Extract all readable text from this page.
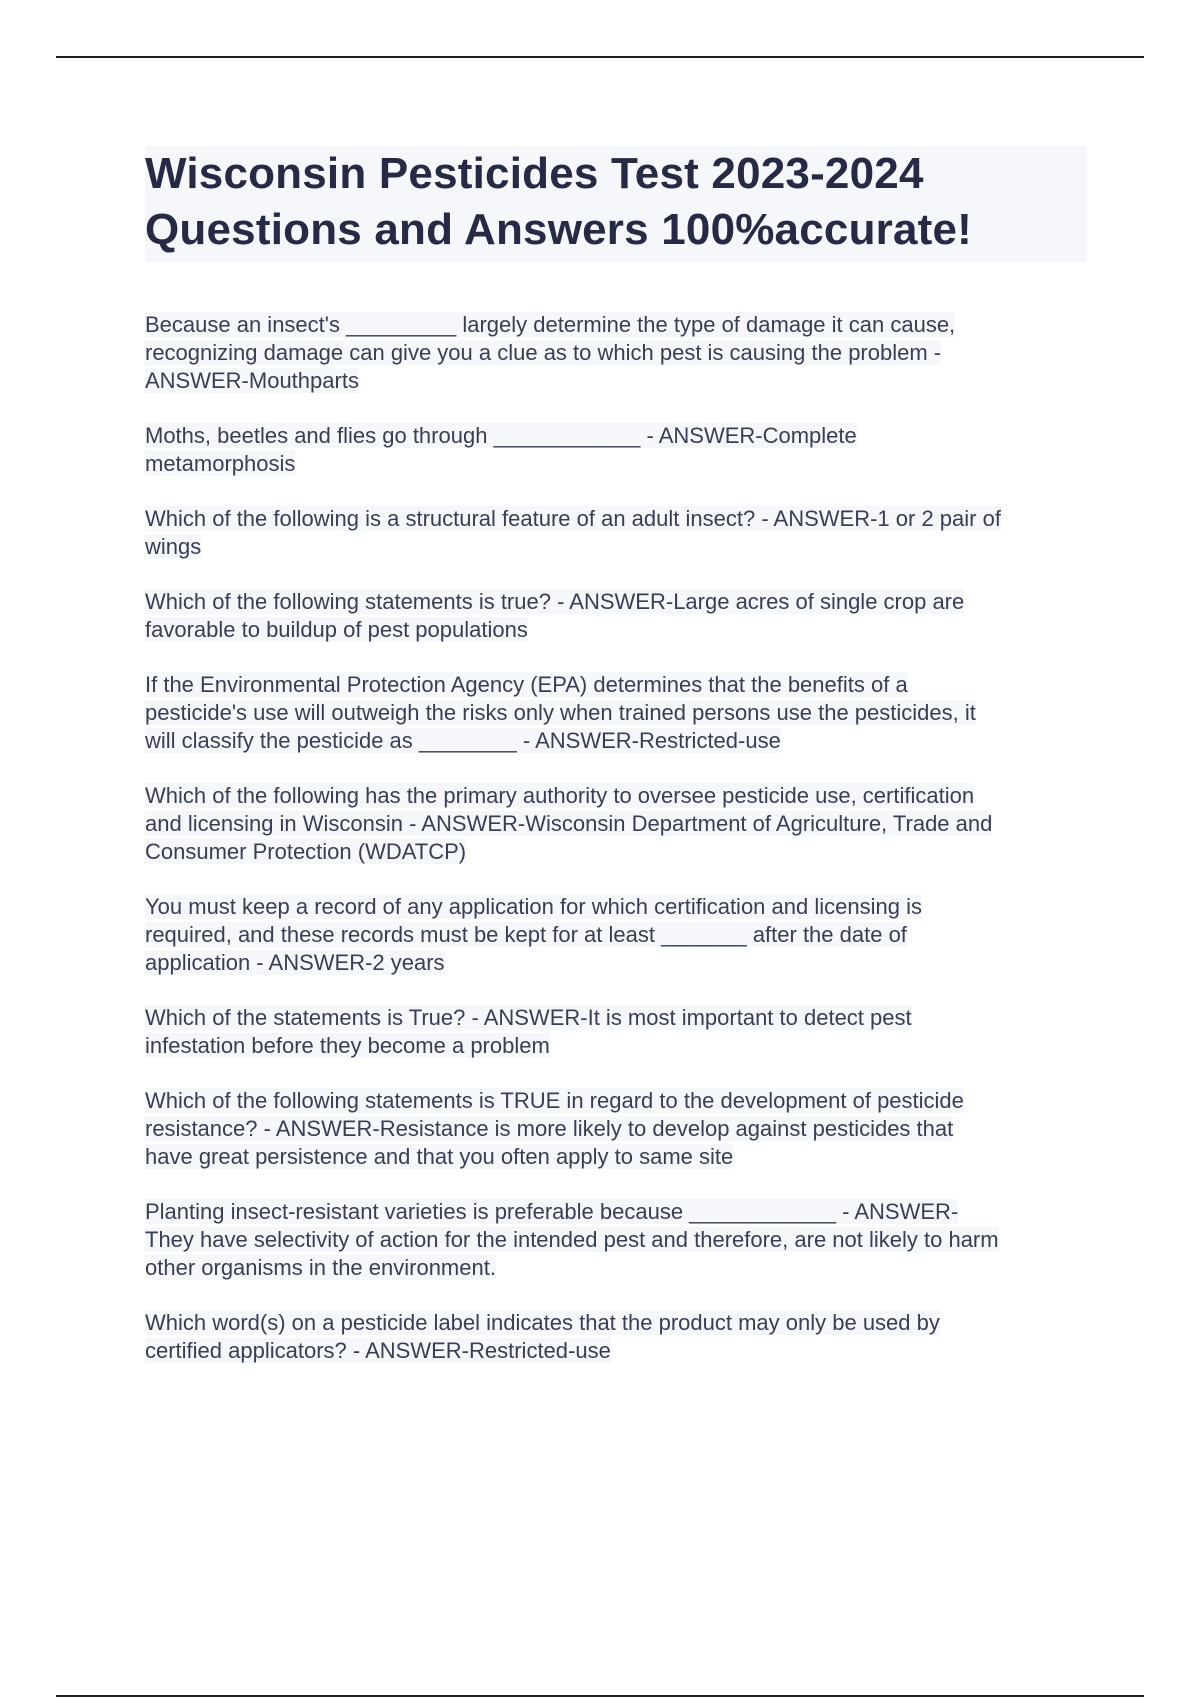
Wisconsin Pesticides Test 2023-2024
Questions and Answers 100%accurate!
Because an insect's _________ largely determine the type of damage it can cause,
recognizing damage can give you a clue as to which pest is causing the problem -
ANSWER-Mouthparts
Moths, beetles and flies go through ____________ - ANSWER-Complete
metamorphosis
Which of the following is a structural feature of an adult insect? - ANSWER-1 or 2 pair of
wings
Which of the following statements is true? - ANSWER-Large acres of single crop are
favorable to buildup of pest populations
If the Environmental Protection Agency (EPA) determines that the benefits of a
pesticide's use will outweigh the risks only when trained persons use the pesticides, it
will classify the pesticide as ________ - ANSWER-Restricted-use
Which of the following has the primary authority to oversee pesticide use, certification
and licensing in Wisconsin - ANSWER-Wisconsin Department of Agriculture, Trade and
Consumer Protection (WDATCP)
You must keep a record of any application for which certification and licensing is
required, and these records must be kept for at least _______ after the date of
application - ANSWER-2 years
Which of the statements is True? - ANSWER-It is most important to detect pest
infestation before they become a problem
Which of the following statements is TRUE in regard to the development of pesticide
resistance? - ANSWER-Resistance is more likely to develop against pesticides that
have great persistence and that you often apply to same site
Planting insect-resistant varieties is preferable because ____________ - ANSWER-
They have selectivity of action for the intended pest and therefore, are not likely to harm
other organisms in the environment.
Which word(s) on a pesticide label indicates that the product may only be used by
certified applicators? - ANSWER-Restricted-use
